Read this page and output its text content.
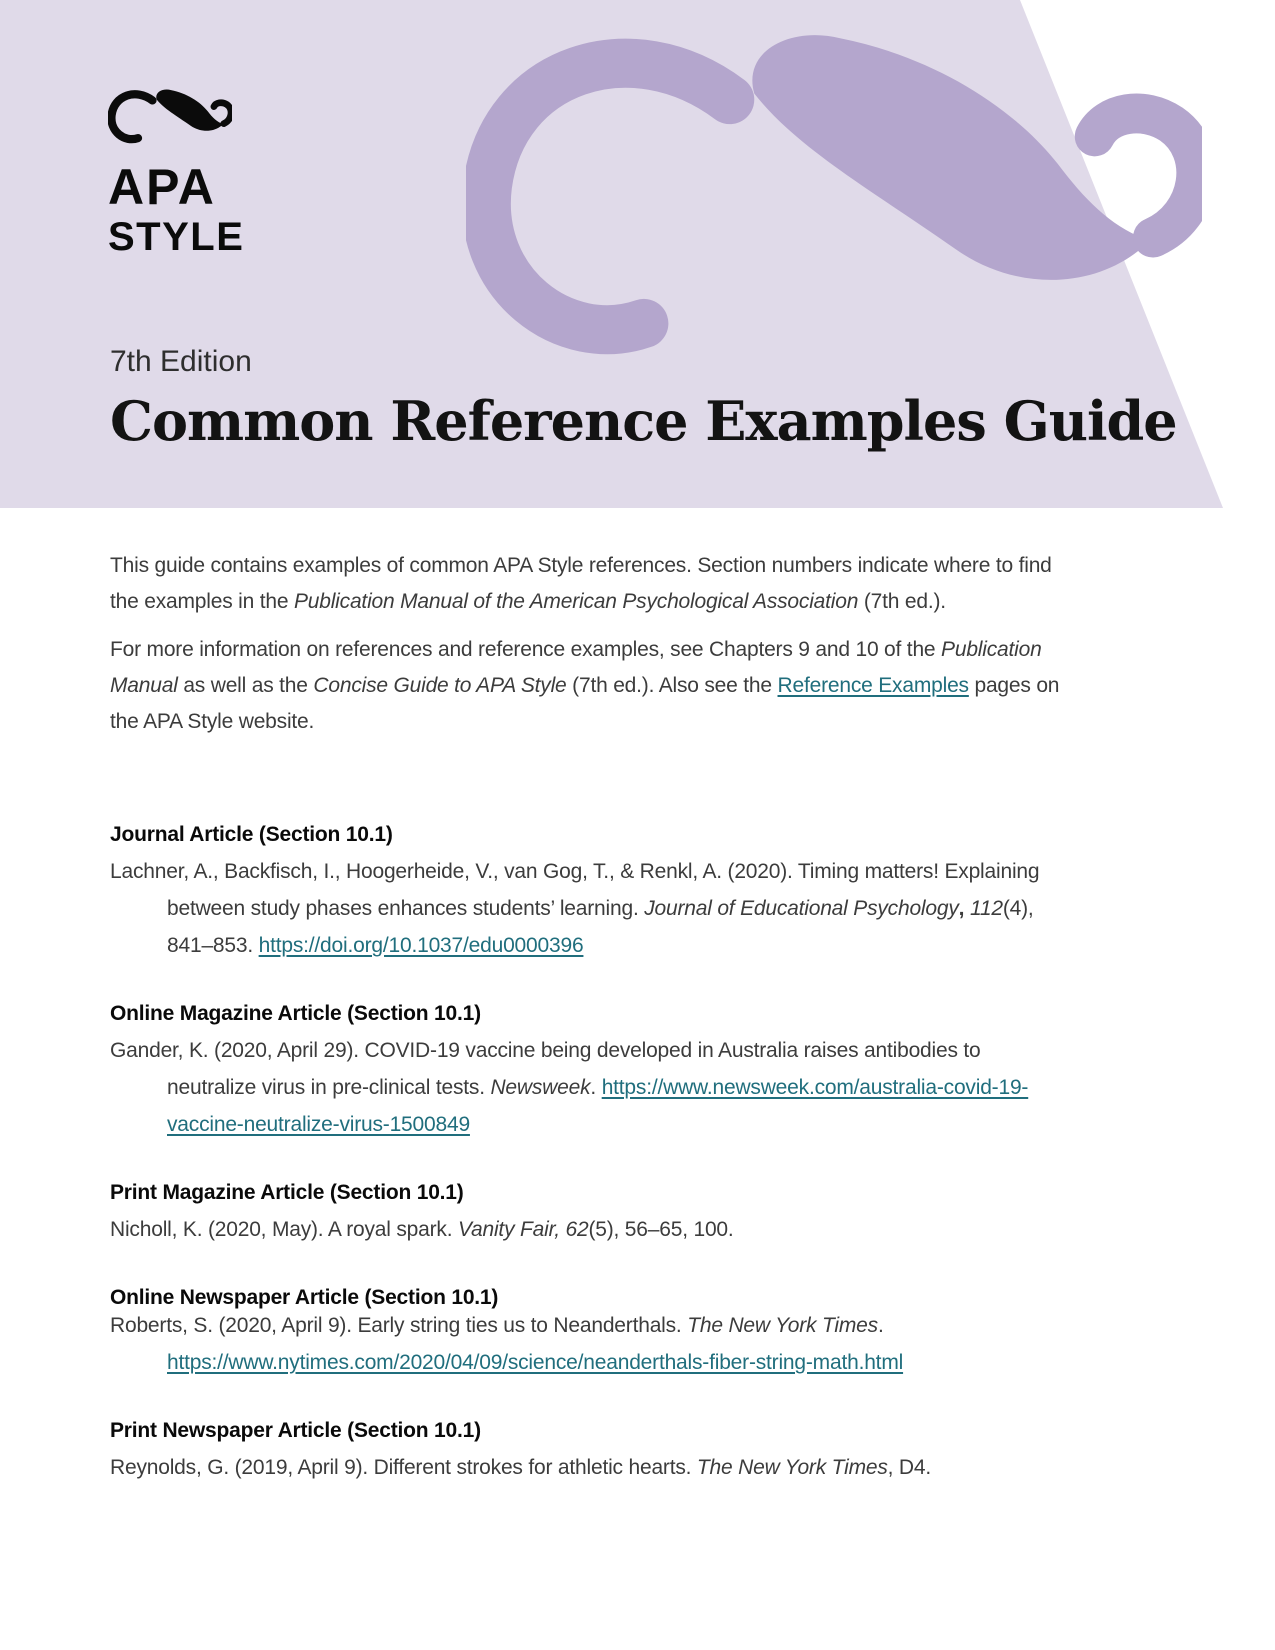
APA
STYLE
7th Edition
Common Reference Examples Guide

This guide contains examples of common APA Style references. Section numbers indicate where to find
the examples in the Publication Manual of the American Psychological Association (7th ed.).

For more information on references and reference examples, see Chapters 9 and 10 of the Publication
Manual as well as the Concise Guide to APA Style (7th ed.). Also see the Reference Examples pages on
the APA Style website.

Journal Article (Section 10.1)
Lachner, A., Backfisch, I., Hoogerheide, V., van Gog, T., & Renkl, A. (2020). Timing matters! Explaining
between study phases enhances students’ learning. Journal of Educational Psychology, 112(4),
841–853. https://doi.org/10.1037/edu0000396
Online Magazine Article (Section 10.1)
Gander, K. (2020, April 29). COVID-19 vaccine being developed in Australia raises antibodies to
neutralize virus in pre-clinical tests. Newsweek. https://www.newsweek.com/australia-covid-19-
vaccine-neutralize-virus-1500849
Print Magazine Article (Section 10.1)
Nicholl, K. (2020, May). A royal spark. Vanity Fair, 62(5), 56–65, 100.
Online Newspaper Article (Section 10.1)
Roberts, S. (2020, April 9). Early string ties us to Neanderthals. The New York Times.
https://www.nytimes.com/2020/04/09/science/neanderthals-fiber-string-math.html
Print Newspaper Article (Section 10.1)
Reynolds, G. (2019, April 9). Different strokes for athletic hearts. The New York Times, D4.
